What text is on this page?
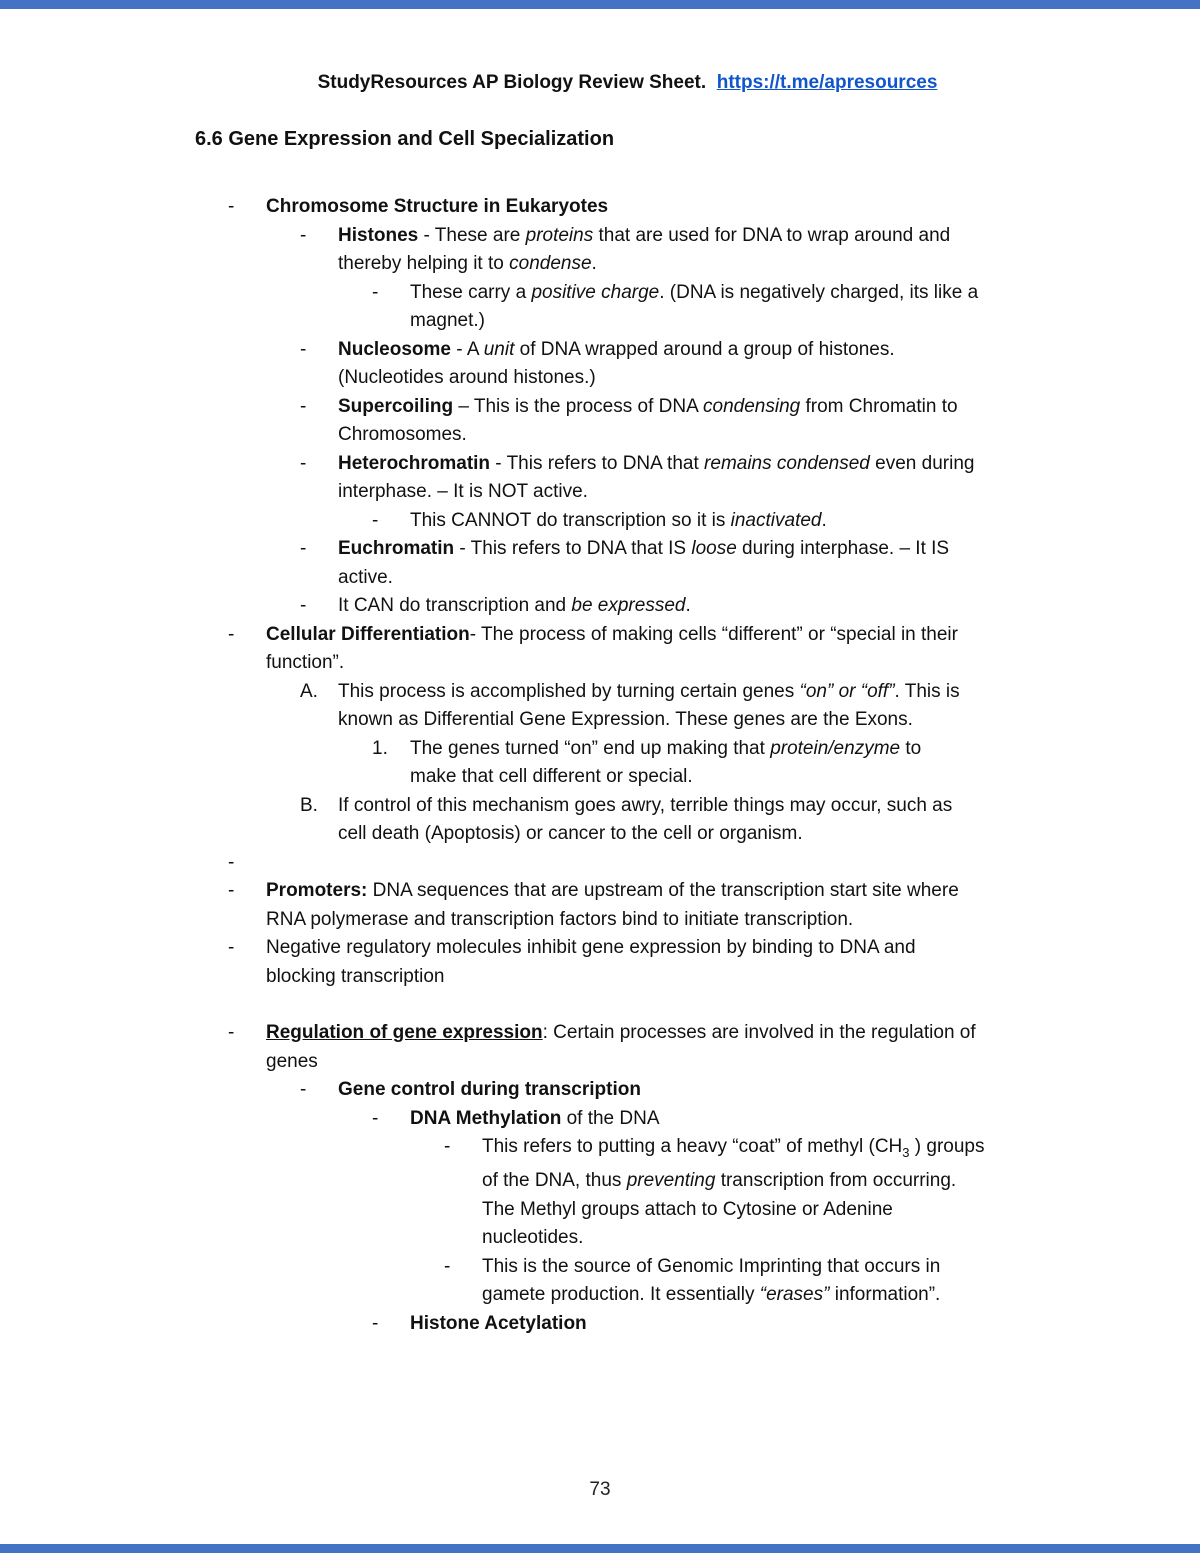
StudyResources AP Biology Review Sheet. https://t.me/apresources
6.6 Gene Expression and Cell Specialization
-	Chromosome Structure in Eukaryotes
-	Histones - These are proteins that are used for DNA to wrap around and
thereby helping it to condense.
-	These carry a positive charge. (DNA is negatively charged, its like a
magnet.)
-	Nucleosome - A unit of DNA wrapped around a group of histones.
(Nucleotides around histones.)
-	Supercoiling – This is the process of DNA condensing from Chromatin to
Chromosomes.
-	Heterochromatin - This refers to DNA that remains condensed even during
interphase. – It is NOT active.
-	This CANNOT do transcription so it is inactivated.
-	Euchromatin - This refers to DNA that IS loose during interphase. – It IS
active.
-	It CAN do transcription and be expressed.
-	Cellular Differentiation- The process of making cells “different” or “special in their
function”.
A.	This process is accomplished by turning certain genes “on” or “off”. This is
known as Differential Gene Expression. These genes are the Exons.
1.	The genes turned “on” end up making that protein/enzyme to
make that cell different or special.
B.	If control of this mechanism goes awry, terrible things may occur, such as
cell death (Apoptosis) or cancer to the cell or organism.
-
-	Promoters: DNA sequences that are upstream of the transcription start site where
RNA polymerase and transcription factors bind to initiate transcription.
-	Negative regulatory molecules inhibit gene expression by binding to DNA and
blocking transcription
-	Regulation of gene expression: Certain processes are involved in the regulation of
genes
-	Gene control during transcription
-	DNA Methylation of the DNA
-	This refers to putting a heavy “coat” of methyl ($CH_3$ ) groups
of the DNA, thus preventing transcription from occurring.
The Methyl groups attach to Cytosine or Adenine
nucleotides.
-	This is the source of Genomic Imprinting that occurs in
gamete production. It essentially “erases” information”.
-	Histone Acetylation
73
